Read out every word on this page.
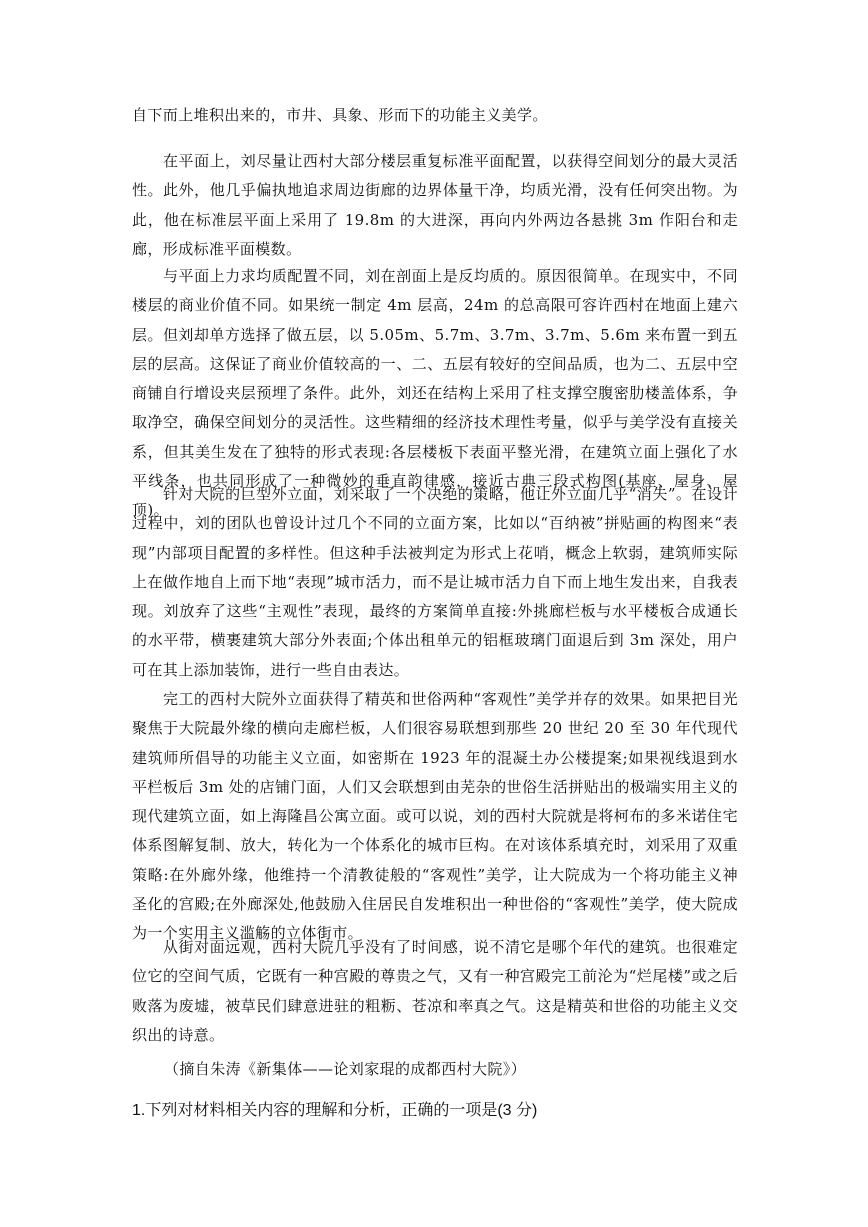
自下而上堆积出来的，市井、具象、形而下的功能主义美学。

在平面上，刘尽量让西村大部分楼层重复标准平面配置，以获得空间划分的最大灵活性。此外，他几乎偏执地追求周边街廊的边界体量干净，均质光滑，没有任何突出物。为此，他在标准层平面上采用了 19.8m 的大进深，再向内外两边各悬挑 3m 作阳台和走廊，形成标准平面模数。

与平面上力求均质配置不同，刘在剖面上是反均质的。原因很简单。在现实中，不同楼层的商业价值不同。如果统一制定 4m 层高，24m 的总高限可容许西村在地面上建六层。但刘却单方选择了做五层，以 5.05m、5.7m、3.7m、3.7m、5.6m 来布置一到五层的层高。这保证了商业价值较高的一、二、五层有较好的空间品质，也为二、五层中空商铺自行增设夹层预埋了条件。此外，刘还在结构上采用了柱支撑空腹密肋楼盖体系，争取净空，确保空间划分的灵活性。这些精细的经济技术理性考量，似乎与美学没有直接关系，但其美生发在了独特的形式表现:各层楼板下表面平整光滑，在建筑立面上强化了水平线条，也共同形成了一种微妙的垂直韵律感，接近古典三段式构图(基座、屋身、屋顶)。

针对大院的巨型外立面，刘采取了一个决绝的策略，他让外立面几乎“消失”。在设计过程中，刘的团队也曾设计过几个不同的立面方案，比如以“百纳被”拼贴画的构图来“表现”内部项目配置的多样性。但这种手法被判定为形式上花哨，概念上软弱，建筑师实际上在做作地自上而下地“表现”城市活力，而不是让城市活力自下而上地生发出来，自我表现。刘放弃了这些“主观性”表现，最终的方案简单直接:外挑廊栏板与水平楼板合成通长的水平带，横裹建筑大部分外表面;个体出租单元的铝框玻璃门面退后到 3m 深处，用户可在其上添加装饰，进行一些自由表达。

完工的西村大院外立面获得了精英和世俗两种“客观性”美学并存的效果。如果把目光聚焦于大院最外缘的横向走廊栏板，人们很容易联想到那些 20 世纪 20 至 30 年代现代建筑师所倡导的功能主义立面，如密斯在 1923 年的混凝土办公楼提案;如果视线退到水平栏板后 3m 处的店铺门面，人们又会联想到由芜杂的世俗生活拼贴出的极端实用主义的现代建筑立面，如上海隆昌公寓立面。或可以说，刘的西村大院就是将柯布的多米诺住宅体系图解复制、放大，转化为一个体系化的城市巨构。在对该体系填充时，刘采用了双重策略:在外廊外缘，他维持一个清教徒般的“客观性”美学，让大院成为一个将功能主义神圣化的宫殿;在外廊深处,他鼓励入住居民自发堆积出一种世俗的“客观性”美学，使大院成为一个实用主义滥觞的立体街市。

从街对面远观，西村大院几乎没有了时间感，说不清它是哪个年代的建筑。也很难定位它的空间气质，它既有一种宫殿的尊贵之气，又有一种宫殿完工前沦为“烂尾楼”或之后败落为废墟，被草民们肆意进驻的粗粝、苍凉和率真之气。这是精英和世俗的功能主义交织出的诗意。

（摘自朱涛《新集体——论刘家琨的成都西村大院》）

1.下列对材料相关内容的理解和分析，正确的一项是(3 分)
